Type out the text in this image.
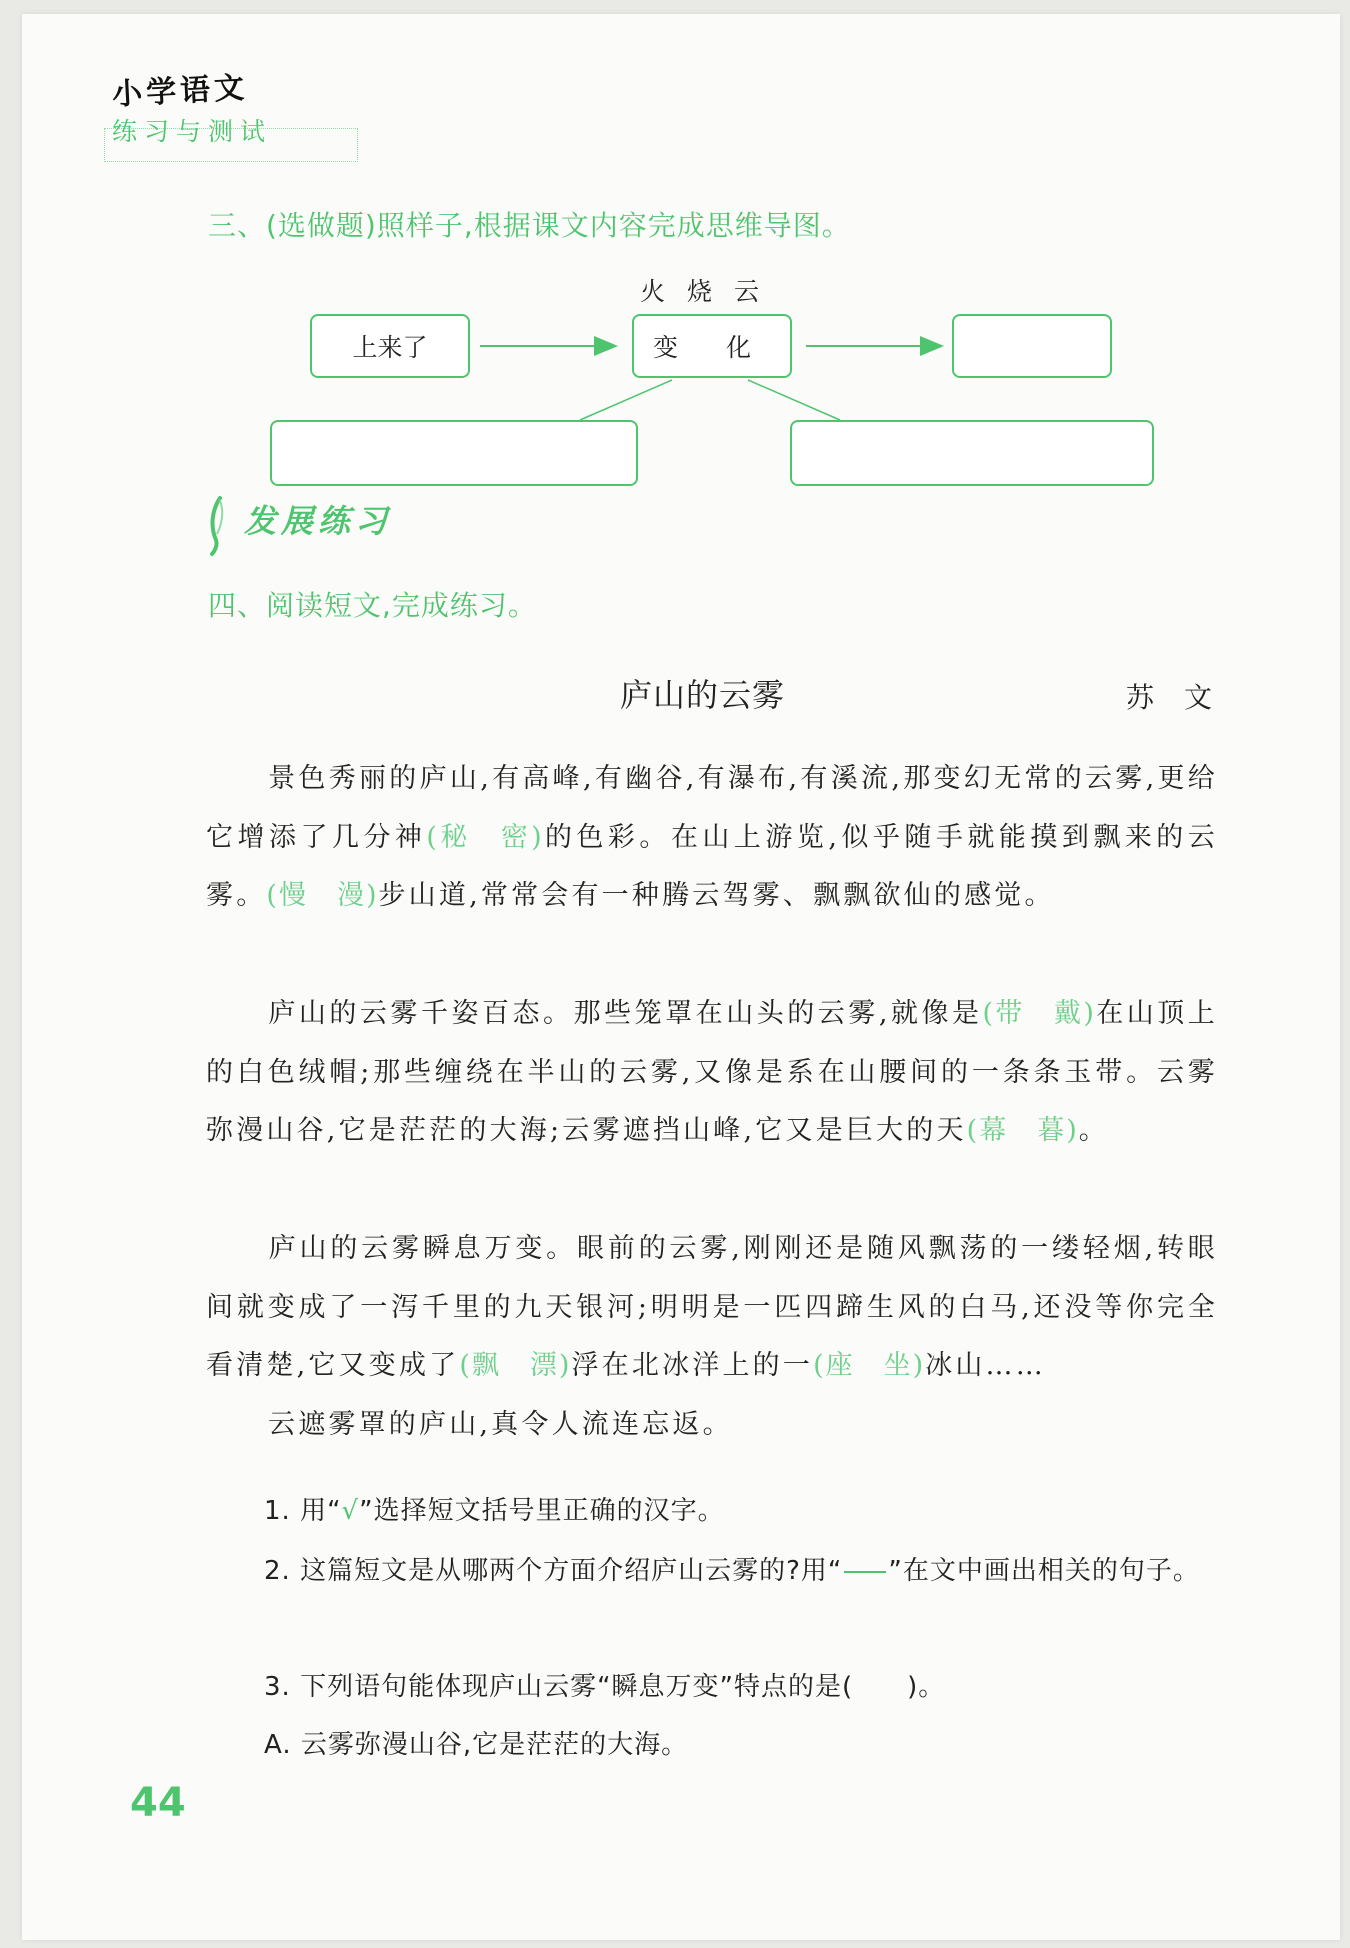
小学语文
练习与测试
三、(选做题)照样子,根据课文内容完成思维导图。
火烧云
上来了	变 化
发展练习
四、阅读短文,完成练习。
庐山的云雾	苏文
景色秀丽的庐山,有高峰,有幽谷,有瀑布,有溪流,那变幻无常的云雾,更给它增添了几分神(秘　密)的色彩。在山上游览,似乎随手就能摸到飘来的云雾。(慢　漫)步山道,常常会有一种腾云驾雾、飘飘欲仙的感觉。
庐山的云雾千姿百态。那些笼罩在山头的云雾,就像是(带　戴)在山顶上的白色绒帽;那些缠绕在半山的云雾,又像是系在山腰间的一条条玉带。云雾弥漫山谷,它是茫茫的大海;云雾遮挡山峰,它又是巨大的天(幕　暮)。
庐山的云雾瞬息万变。眼前的云雾,刚刚还是随风飘荡的一缕轻烟,转眼间就变成了一泻千里的九天银河;明明是一匹四蹄生风的白马,还没等你完全看清楚,它又变成了(飘　漂)浮在北冰洋上的一(座　坐)冰山……
云遮雾罩的庐山,真令人流连忘返。
1. 用“√”选择短文括号里正确的汉字。
2. 这篇短文是从哪两个方面介绍庐山云雾的?用“ ”在文中画出相关的句子。
3. 下列语句能体现庐山云雾“瞬息万变”特点的是(　　)。
A. 云雾弥漫山谷,它是茫茫的大海。
44
